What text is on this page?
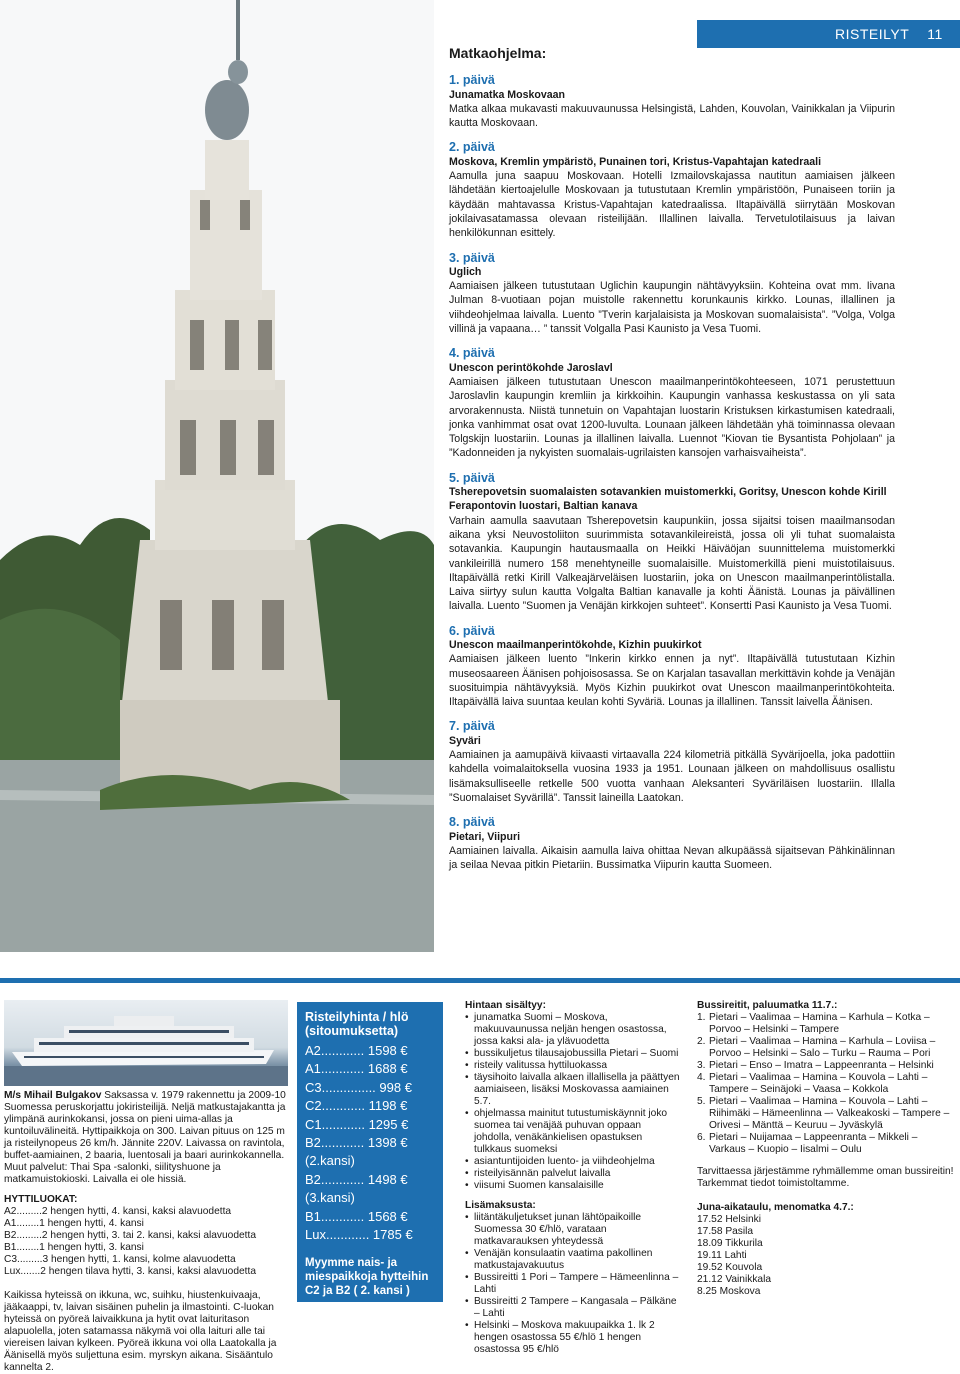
RISTEILYT 11
Matkaohjelma:
1. päivä
Junamatka Moskovaan
Matka alkaa mukavasti makuuvaunussa Helsingistä, Lahden, Kouvolan, Vainikkalan ja Viipurin kautta Moskovaan.
2. päivä
Moskova, Kremlin ympäristö, Punainen tori, Kristus-Vapahtajan katedraali
Aamulla juna saapuu Moskovaan. Hotelli Izmailovskajassa nautitun aamiaisen jälkeen lähdetään kiertoajelulle Moskovaan ja tutustutaan Kremlin ympäristöön, Punaiseen toriin ja käydään mahtavassa Kristus-Vapahtajan katedraalissa. Iltapäivällä siirrytään Moskovan jokilaivasatamassa olevaan risteilijään. Illallinen laivalla. Tervetulotilaisuus ja laivan henkilökunnan esittely.
3. päivä
Uglich
Aamiaisen jälkeen tutustutaan Uglichin kaupungin nähtävyyksiin. Kohteina ovat mm. Iivana Julman 8-vuotiaan pojan muistolle rakennettu korunkaunis kirkko. Lounas, illallinen ja viihdeohjelmaa laivalla. Luento ”Tverin karjalaisista ja Moskovan suomalaisista”. ”Volga, Volga villinä ja vapaana… ” tanssit Volgalla Pasi Kaunisto ja Vesa Tuomi.
4. päivä
Unescon perintökohde Jaroslavl
Aamiaisen jälkeen tutustutaan Unescon maailmanperintökohteeseen, 1071 perustettuun Jaroslavlin kaupungin kremliin ja kirkkoihin. Kaupungin vanhassa keskustassa on yli sata arvorakennusta. Niistä tunnetuin on Vapahtajan luostarin Kristuksen kirkastumisen katedraali, jonka vanhimmat osat ovat 1200-luvulta. Lounaan jälkeen lähdetään yhä toiminnassa olevaan Tolgskijn luostariin. Lounas ja illallinen laivalla. Luennot ”Kiovan tie Bysantista Pohjolaan” ja ”Kadonneiden ja nykyisten suomalais-ugrilaisten kansojen varhaisvaiheista”.
5. päivä
Tsherepovetsin suomalaisten sotavankien muistomerkki, Goritsy, Unescon kohde Kirill Ferapontovin luostari, Baltian kanava
Varhain aamulla saavutaan Tsherepovetsin kaupunkiin, jossa sijaitsi toisen maailmansodan aikana yksi Neuvostoliiton suurimmista sotavankileireistä, jossa oli yli tuhat suomalaista sotavankia. Kaupungin hautausmaalla on Heikki Häiväöjan suunnittelema muistomerkki vankileirillä numero 158 menehtyneille suomalaisille. Muistomerkillä pieni muistotilaisuus. Iltapäivällä retki Kirill Valkeajärveläisen luostariin, joka on Unescon maailmanperintölistalla. Laiva siirtyy sulun kautta Volgalta Baltian kanavalle ja kohti Äänistä. Lounas ja päivällinen laivalla. Luento ”Suomen ja Venäjän kirkkojen suhteet”. Konsertti Pasi Kaunisto ja Vesa Tuomi.
6. päivä
Unescon maailmanperintökohde, Kizhin puukirkot
Aamiaisen jälkeen luento ”Inkerin kirkko ennen ja nyt”. Iltapäivällä tutustutaan Kizhin museosaareen Äänisen pohjoisosassa. Se on Karjalan tasavallan merkittävin kohde ja Venäjän suosituimpia nähtävyyksiä. Myös Kizhin puukirkot ovat Unescon maailmanperintökohteita. Iltapäivällä laiva suuntaa keulan kohti Syväriä. Lounas ja illallinen. Tanssit laivella Äänisen.
7. päivä
Syväri
Aamiainen ja aamupäivä kiivaasti virtaavalla 224 kilometriä pitkällä Syvärijoella, joka padottiin kahdella voimalaitoksella vuosina 1933 ja 1951. Lounaan jälkeen on mahdollisuus osallistu lisämaksulliseelle retkelle 500 vuotta vanhaan Aleksanteri Syväriläisen luostariin. Illalla ”Suomalaiset Syvärillä”. Tanssit laineilla Laatokan.
8. päivä
Pietari, Viipuri
Aamiainen laivalla. Aikaisin aamulla laiva ohittaa Nevan alkupäässä sijaitsevan Pähkinälinnan ja seilaa Nevaa pitkin Pietariin. Bussimatka Viipurin kautta Suomeen.
M/s Mihail Bulgakov Saksassa v. 1979 rakennettu ja 2009-10 Suomessa peruskorjattu jokiristeilijä. Neljä matkustajakantta ja ylimpänä aurinkokansi, jossa on pieni uima-allas ja kuntoiluvälineitä. Hyttipaikkoja on 300. Laivan pituus on 125 m ja risteilynopeus 26 km/h. Jännite 220V. Laivassa on ravintola, buffet-aamiainen, 2 baaria, luentosali ja baari aurinkokannella. Muut palvelut: Thai Spa -salonki, siilityshuone ja matkamuistokioski. Laivalla ei ole hissiä.
HYTTILUOKAT:
A2.........2 hengen hytti, 4. kansi, kaksi alavuodetta
A1........1 hengen hytti, 4. kansi
B2.........2 hengen hytti, 3. tai 2. kansi, kaksi alavuodetta
B1........1 hengen hytti, 3. kansi
C3.........3 hengen hytti, 1. kansi, kolme alavuodetta
Lux.......2 hengen tilava hytti, 3. kansi, kaksi alavuodetta
Kaikissa hyteissä on ikkuna, wc, suihku, hiustenkuivaaja, jääkaappi, tv, laivan sisäinen puhelin ja ilmastointi. C-luokan hyteissä on pyöreä laivaikkuna ja hytit ovat laituritason alapuolella, joten satamassa näkymä voi olla laituri alle tai viereisen laivan kylkeen. Pyöreä ikkuna voi olla Laatokalla ja Äänisellä myös suljettuna esim. myrskyn aikana. Sisääntulo kannelta 2.
Risteilyhinta / hlö (sitoumuksetta)
A2............ 1598 €
A1............ 1688 €
C3............... 998 €
C2............ 1198 €
C1............ 1295 €
B2............ 1398 €
(2.kansi)
B2............ 1498 €
(3.kansi)
B1............ 1568 €
Lux............ 1785 €
Myymme nais- ja miespaikkoja hytteihin C2 ja B2 ( 2. kansi )
Hintaan sisältyy:
• junamatka Suomi – Moskova, makuuvaunussa neljän hengen osastossa, jossa kaksi ala- ja ylävuodetta
• bussikuljetus tilausajobussilla Pietari – Suomi
• risteily valitussa hyttiluokassa
• täysihoito laivalla alkaen illallisella ja päättyen aamiaiseen, lisäksi Moskovassa aamiainen 5.7.
• ohjelmassa mainitut tutustumiskäynnit joko suomea tai venäjää puhuvan oppaan johdolla, venäkänkielisen opastuksen tulkkaus suomeksi
• asiantuntijoiden luento- ja viihdeohjelma
• risteilyisännän palvelut laivalla
• viisumi Suomen kansalaisille
Lisämaksusta:
• liitäntäkuljetukset junan lähtöpaikoille Suomessa 30 €/hlö, varataan matkavarauksen yhteydessä
• Venäjän konsulaatin vaatima pakollinen matkustajavakuutus
• Bussireitti 1 Pori – Tampere – Hämeenlinna – Lahti
• Bussireitti 2 Tampere – Kangasala – Pälkäne – Lahti
• Helsinki – Moskova makuupaikka 1. lk 2 hengen osastossa 55 €/hlö 1 hengen osastossa 95 €/hlö
Bussireitit, paluumatka 11.7.:
1. Pietari – Vaalimaa – Hamina – Karhula – Kotka – Porvoo – Helsinki – Tampere
2. Pietari – Vaalimaa – Hamina – Karhula – Loviisa – Porvoo – Helsinki – Salo – Turku – Rauma – Pori
3. Pietari – Enso – Imatra – Lappeenranta – Helsinki
4. Pietari – Vaalimaa – Hamina – Kouvola – Lahti – Tampere – Seinäjoki – Vaasa – Kokkola
5. Pietari – Vaalimaa – Hamina – Kouvola – Lahti – Riihimäki – Hämeenlinna –- Valkeakoski – Tampere – Orivesi – Mänttä – Keuruu – Jyväskylä
6. Pietari – Nuijamaa – Lappeenranta – Mikkeli – Varkaus – Kuopio – Iisalmi – Oulu
Tarvittaessa järjestämme ryhmällemme oman bussireitin! Tarkemmat tiedot toimistoltamme.
Juna-aikataulu, menomatka 4.7.:
17.52 Helsinki
17.58 Pasila
18.09 Tikkurila
19.11 Lahti
19.52 Kouvola
21.12 Vainikkala
8.25 Moskova
